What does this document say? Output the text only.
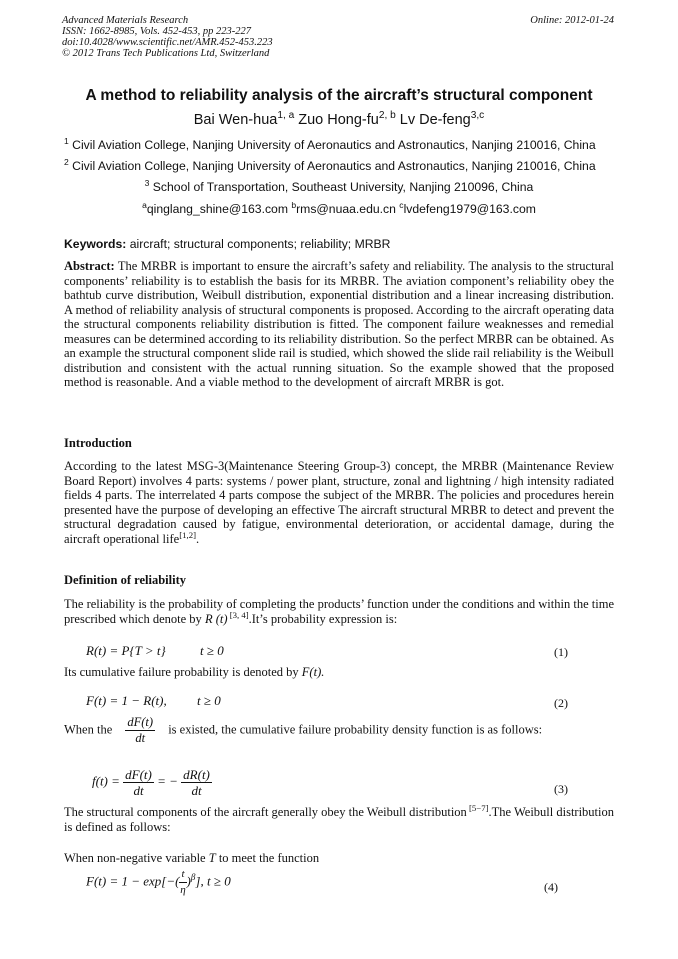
Advanced Materials Research
ISSN: 1662-8985, Vols. 452-453, pp 223-227
doi:10.4028/www.scientific.net/AMR.452-453.223
© 2012 Trans Tech Publications Ltd, Switzerland
Online: 2012-01-24
A method to reliability analysis of the aircraft’s structural component
Bai Wen-hua$^{1, a}$ Zuo Hong-fu$^{2, b}$ Lv De-feng$^{3,c}$
$^1$ Civil Aviation College, Nanjing University of Aeronautics and Astronautics, Nanjing 210016, China
$^2$ Civil Aviation College, Nanjing University of Aeronautics and Astronautics, Nanjing 210016, China
$^3$ School of Transportation, Southeast University, Nanjing 210096, China
$^a$qinglang_shine@163.com $^b$rms@nuaa.edu.cn $^c$lvdefeng1979@163.com
Keywords: aircraft; structural components; reliability; MRBR
Abstract: The MRBR is important to ensure the aircraft’s safety and reliability. The analysis to the structural components’ reliability is to establish the basis for its MRBR. The aviation component’s reliability obey the bathtub curve distribution, Weibull distribution, exponential distribution and a linear increasing distribution. A method of reliability analysis of structural components is proposed. According to the aircraft operating data the structural components reliability distribution is fitted. The component failure weaknesses and remedial measures can be determined according to its reliability distribution. So the perfect MRBR can be obtained. As an example the structural component slide rail is studied, which showed the slide rail reliability is the Weibull distribution and consistent with the actual running situation. So the example showed that the proposed method is reasonable. And a viable method to the development of aircraft MRBR is got.
Introduction
According to the latest MSG-3(Maintenance Steering Group-3) concept, the MRBR (Maintenance Review Board Report) involves 4 parts: systems / power plant, structure, zonal and lightning / high intensity radiated fields 4 parts. The interrelated 4 parts compose the subject of the MRBR. The policies and procedures herein presented have the purpose of developing an effective The aircraft structural MRBR to detect and prevent the structural degradation caused by fatigue, environmental deterioration, or accidental damage, during the aircraft operational life[1,2].
Definition of reliability
The reliability is the probability of completing the products’ function under the conditions and within the time prescribed which denote by R (t) [3, 4].It’s probability expression is:
R(t) = P{T > t}	t ≥ 0	(1)
Its cumulative failure probability is denoted by F(t).
F(t) = 1 − R(t), t ≥ 0	(2)
When the $\frac{dF(t)}{dt}$ is existed, the cumulative failure probability density function is as follows:
$f(t) = \frac{dF(t)}{dt}$ = − $\frac{dR(t)}{dt}$	(3)
The structural components of the aircraft generally obey the Weibull distribution [5−7].The Weibull distribution is defined as follows:
When non-negative variable T to meet the function
$F(t) = 1 - \exp[-( \frac{t}{\eta} )^\beta]$, t ≥ 0	(4)
